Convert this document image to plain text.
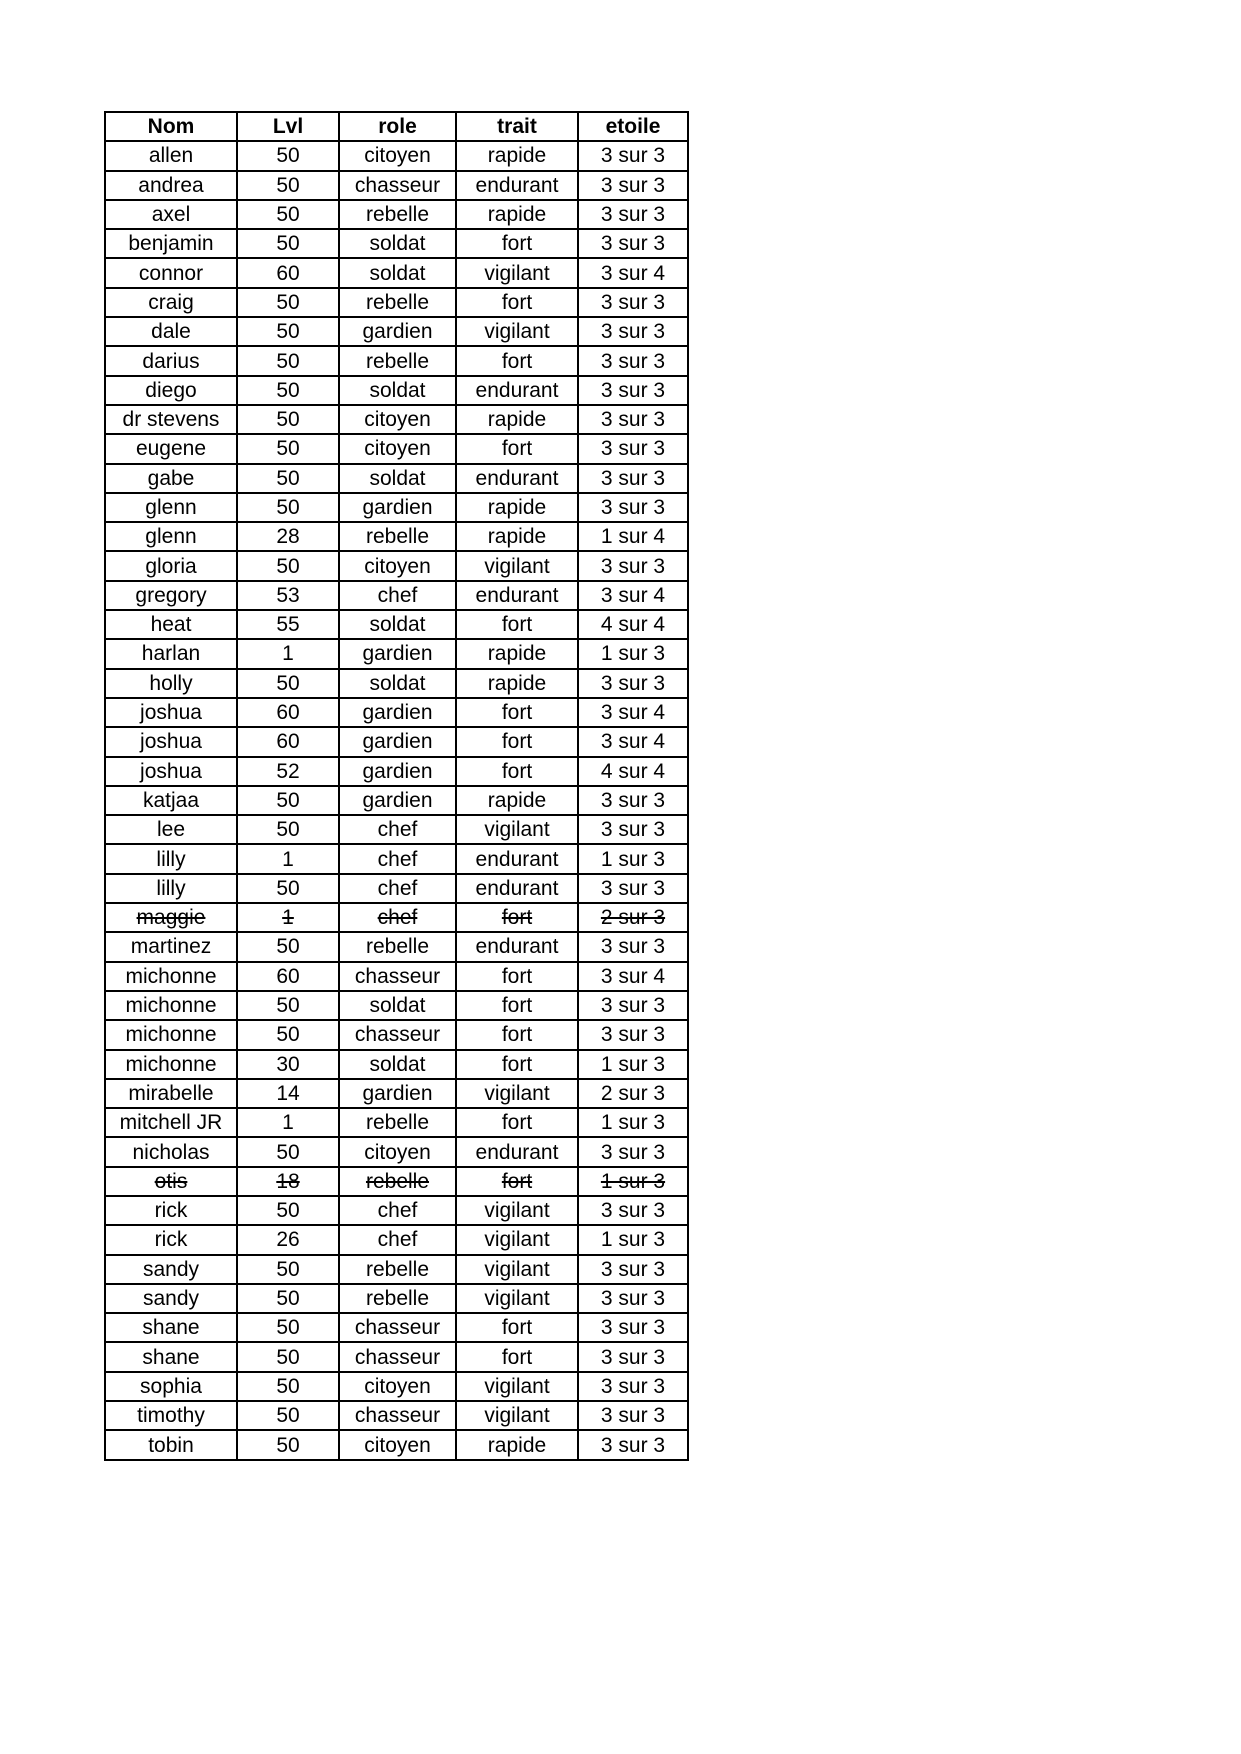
Nom	Lvl	role	trait	etoile
allen	50	citoyen	rapide	3 sur 3
andrea	50	chasseur	endurant	3 sur 3
axel	50	rebelle	rapide	3 sur 3
benjamin	50	soldat	fort	3 sur 3
connor	60	soldat	vigilant	3 sur 4
craig	50	rebelle	fort	3 sur 3
dale	50	gardien	vigilant	3 sur 3
darius	50	rebelle	fort	3 sur 3
diego	50	soldat	endurant	3 sur 3
dr stevens	50	citoyen	rapide	3 sur 3
eugene	50	citoyen	fort	3 sur 3
gabe	50	soldat	endurant	3 sur 3
glenn	50	gardien	rapide	3 sur 3
glenn	28	rebelle	rapide	1 sur 4
gloria	50	citoyen	vigilant	3 sur 3
gregory	53	chef	endurant	3 sur 4
heat	55	soldat	fort	4 sur 4
harlan	1	gardien	rapide	1 sur 3
holly	50	soldat	rapide	3 sur 3
joshua	60	gardien	fort	3 sur 4
joshua	60	gardien	fort	3 sur 4
joshua	52	gardien	fort	4 sur 4
katjaa	50	gardien	rapide	3 sur 3
lee	50	chef	vigilant	3 sur 3
lilly	1	chef	endurant	1 sur 3
lilly	50	chef	endurant	3 sur 3
maggie	1	chef	fort	2 sur 3
martinez	50	rebelle	endurant	3 sur 3
michonne	60	chasseur	fort	3 sur 4
michonne	50	soldat	fort	3 sur 3
michonne	50	chasseur	fort	3 sur 3
michonne	30	soldat	fort	1 sur 3
mirabelle	14	gardien	vigilant	2 sur 3
mitchell JR	1	rebelle	fort	1 sur 3
nicholas	50	citoyen	endurant	3 sur 3
otis	18	rebelle	fort	1 sur 3
rick	50	chef	vigilant	3 sur 3
rick	26	chef	vigilant	1 sur 3
sandy	50	rebelle	vigilant	3 sur 3
sandy	50	rebelle	vigilant	3 sur 3
shane	50	chasseur	fort	3 sur 3
shane	50	chasseur	fort	3 sur 3
sophia	50	citoyen	vigilant	3 sur 3
timothy	50	chasseur	vigilant	3 sur 3
tobin	50	citoyen	rapide	3 sur 3
